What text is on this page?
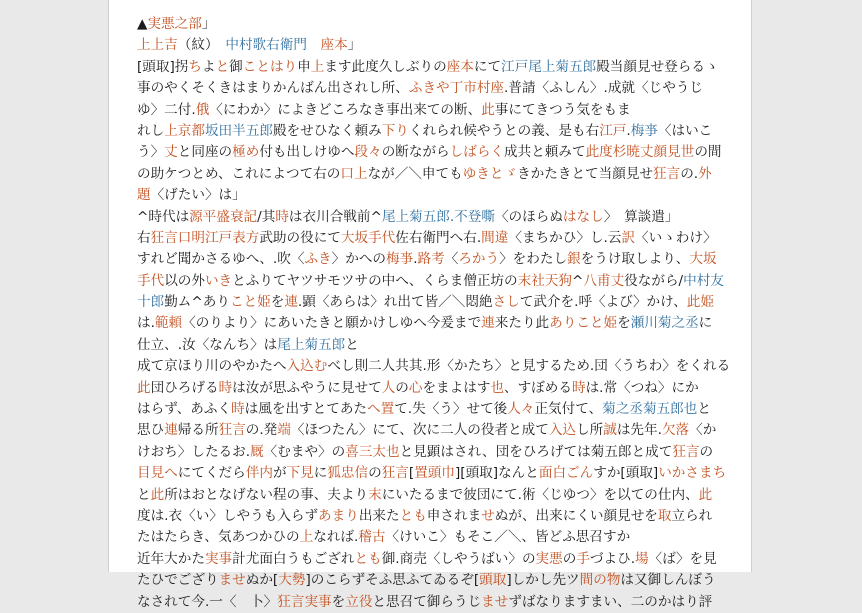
▲実悪之部」
上上吉（紋）　中村歌右衛門　 座本」
[頭取]拐ちよと御ことはり申上ます此度久しぶりの座本にて江戸尾上菊五郎殿当顔見せ登らるゝ
事のやくそくきはまりかんばん出されし所、ふきや丁市村座.普請〈ふしん〉.成就〈じやうじ
ゆ〉二付.俄〈にわか〉によきどころなき事出来ての断、此事にてきつう気をもま
れし上京都坂田半五郎殿をせひなく頼み下りくれられ候やうとの義、是も右江戸.梅亊〈はいこ
う〉丈と同座の極め付も出しけゆへ段々の断ながらしばらく成共と頼みて此度杉暁丈顔見世の間
の助ケつとめ、これによつて右の口上なが／＼申てもゆきとゞきかたきとて当顔見せ狂言の.外
題〈げたい〉は」
^時代は源平盛衰記/其時は衣川合戦前^尾上菊五郎.不登嘶〈のほらぬはなし〉　算談遣」
右狂言口明江戸表方武助の役にて大坂手代佐右衛門へ右.間違〈まちかひ〉し.云訳〈いゝわけ〉
すれど聞かさるゆへ、.吹〈ふき〉かへの梅亊.路考〈ろかう〉をわたし銀をうけ取しより、大坂
手代以の外いきとふりてヤツサモツサの中へ、くらま僧正坊の末社天狗^八甫丈役ながら/中村友
十郎勤ム^ありこと姫を連.顕〈あらは〉れ出て皆／＼悶絶さして武介を.呼〈よび〉かけ、此姫
は.範頼〈のりより〉にあいたきと願かけしゆへ今爰まで連来たり此ありこと姫を瀬川菊之丞に
仕立、.汝〈なんち〉は尾上菊五郎と
成て京ほり川のやかたへ入込むべし則二人共其.形〈かたち〉と見するため.団〈うちわ〉をくれる
此団ひろげる時は汝が思ふやうに見せて人の心をまよはす也、すぼめる時は.常〈つね〉にか
はらず、あふく時は風を出すとてあたへ置て.失〈う〉せて後人々正気付て、菊之丞菊五郎也と
思ひ連帰る所狂言の.発端〈ほつたん〉にて、次に二人の役者と成て入込し所誠は先年.欠落〈か
けおち〉したるお.厩〈むまや〉の喜三太也と見顕はされ、団をひろげては菊五郎と成て狂言の
目見へにてくだら伴内が下見に狐忠信の狂言[置頭巾][頭取]なんと面白ごんすか[頭取]いかさまち
と此所はおとなげない程の事、夫より末にいたるまで彼団にて.術〈じゆつ〉を以ての仕内、此
度は.衣〈い〉しやうも入らずあまり出来たとも申されませぬが、出来にくい顔見せを取立られ
たはたらき、気あつかひの上なれば.稽古〈けいこ〉もそこ／＼、皆どふ思召すか
近年大かた実事計尤面白うもござれとも御.商売〈しやうばい〉の実悪の手づよひ.場〈ば〉を見
たひでござりませぬか[大勢]のこらずそふ思ふてゐるぞ[頭取]しかし先ツ間の物は又御しんぼう
なされて今.一〈　卜〉狂言実事を立役と思召て御らうじませずばなりますまい、二のかはり評
